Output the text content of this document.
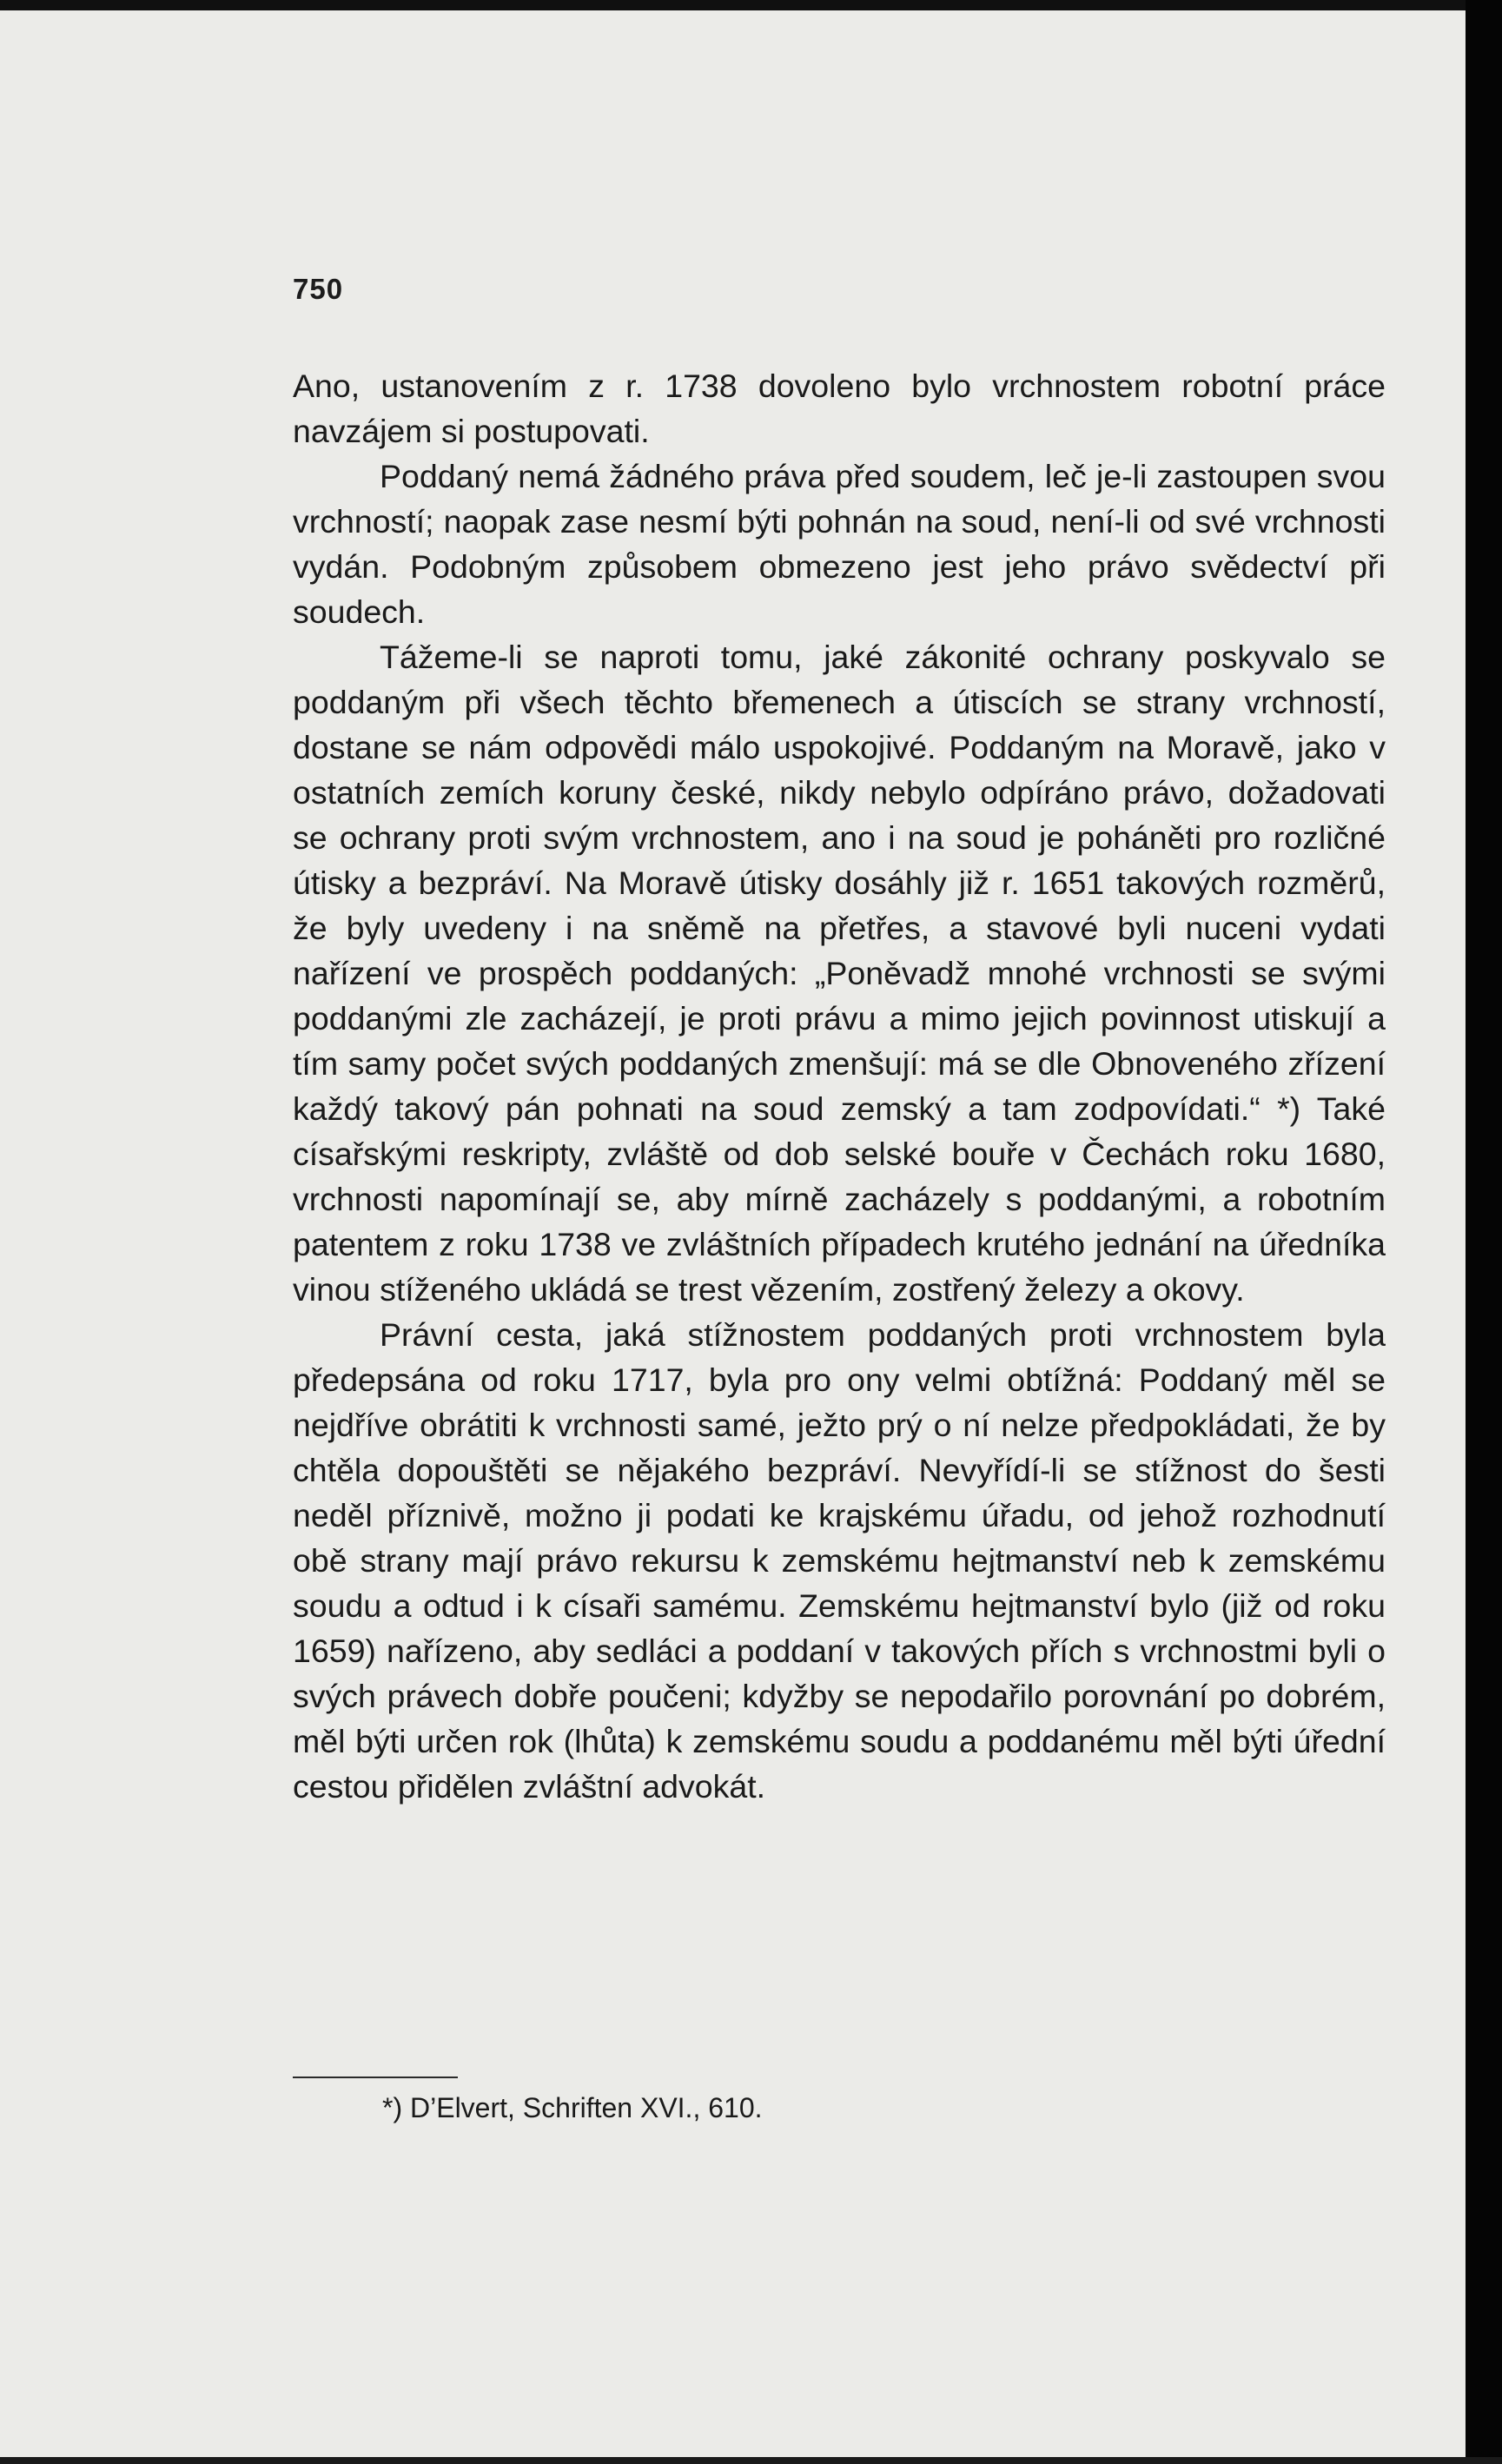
750

Ano, ustanovením z r. 1738 dovoleno bylo vrchnostem robotní práce navzájem si postupovati.

Poddaný nemá žádného práva před soudem, leč je-li zastoupen svou vrchností; naopak zase nesmí býti pohnán na soud, není-li od své vrchnosti vydán. Podobným způsobem obmezeno jest jeho právo svědectví při soudech.

Tážeme-li se naproti tomu, jaké zákonité ochrany poskyvalo se poddaným při všech těchto břemenech a útiscích se strany vrchností, dostane se nám odpovědi málo uspokojivé. Poddaným na Moravě, jako v ostatních zemích koruny české, nikdy nebylo odpíráno právo, dožadovati se ochrany proti svým vrchnostem, ano i na soud je poháněti pro rozličné útisky a bezpráví. Na Moravě útisky dosáhly již r. 1651 takových rozměrů, že byly uvedeny i na sněmě na přetřes, a stavové byli nuceni vydati nařízení ve prospěch poddaných: „Poněvadž mnohé vrchnosti se svými poddanými zle zacházejí, je proti právu a mimo jejich povinnost utiskují a tím samy počet svých poddaných zmenšují: má se dle Obnoveného zřízení každý takový pán pohnati na soud zemský a tam zodpovídati.“ *) Také císařskými reskripty, zvláště od dob selské bouře v Čechách roku 1680, vrchnosti napomínají se, aby mírně zacházely s poddanými, a robotním patentem z roku 1738 ve zvláštních případech krutého jednání na úředníka vinou stíženého ukládá se trest vězením, zostřený železy a okovy.

Právní cesta, jaká stížnostem poddaných proti vrchnostem byla předepsána od roku 1717, byla pro ony velmi obtížná: Poddaný měl se nejdříve obrátiti k vrchnosti samé, ježto prý o ní nelze předpokládati, že by chtěla dopouštěti se nějakého bezpráví. Nevyřídí-li se stížnost do šesti neděl příznivě, možno ji podati ke krajskému úřadu, od jehož rozhodnutí obě strany mají právo rekursu k zemskému hejtmanství neb k zemskému soudu a odtud i k císaři samému. Zemskému hejtmanství bylo (již od roku 1659) nařízeno, aby sedláci a poddaní v takových přích s vrchnostmi byli o svých právech dobře poučeni; kdyžby se nepodařilo porovnání po dobrém, měl býti určen rok (lhůta) k zemskému soudu a poddanému měl býti úřední cestou přidělen zvláštní advokát.

*) D’Elvert, Schriften XVI., 610.
